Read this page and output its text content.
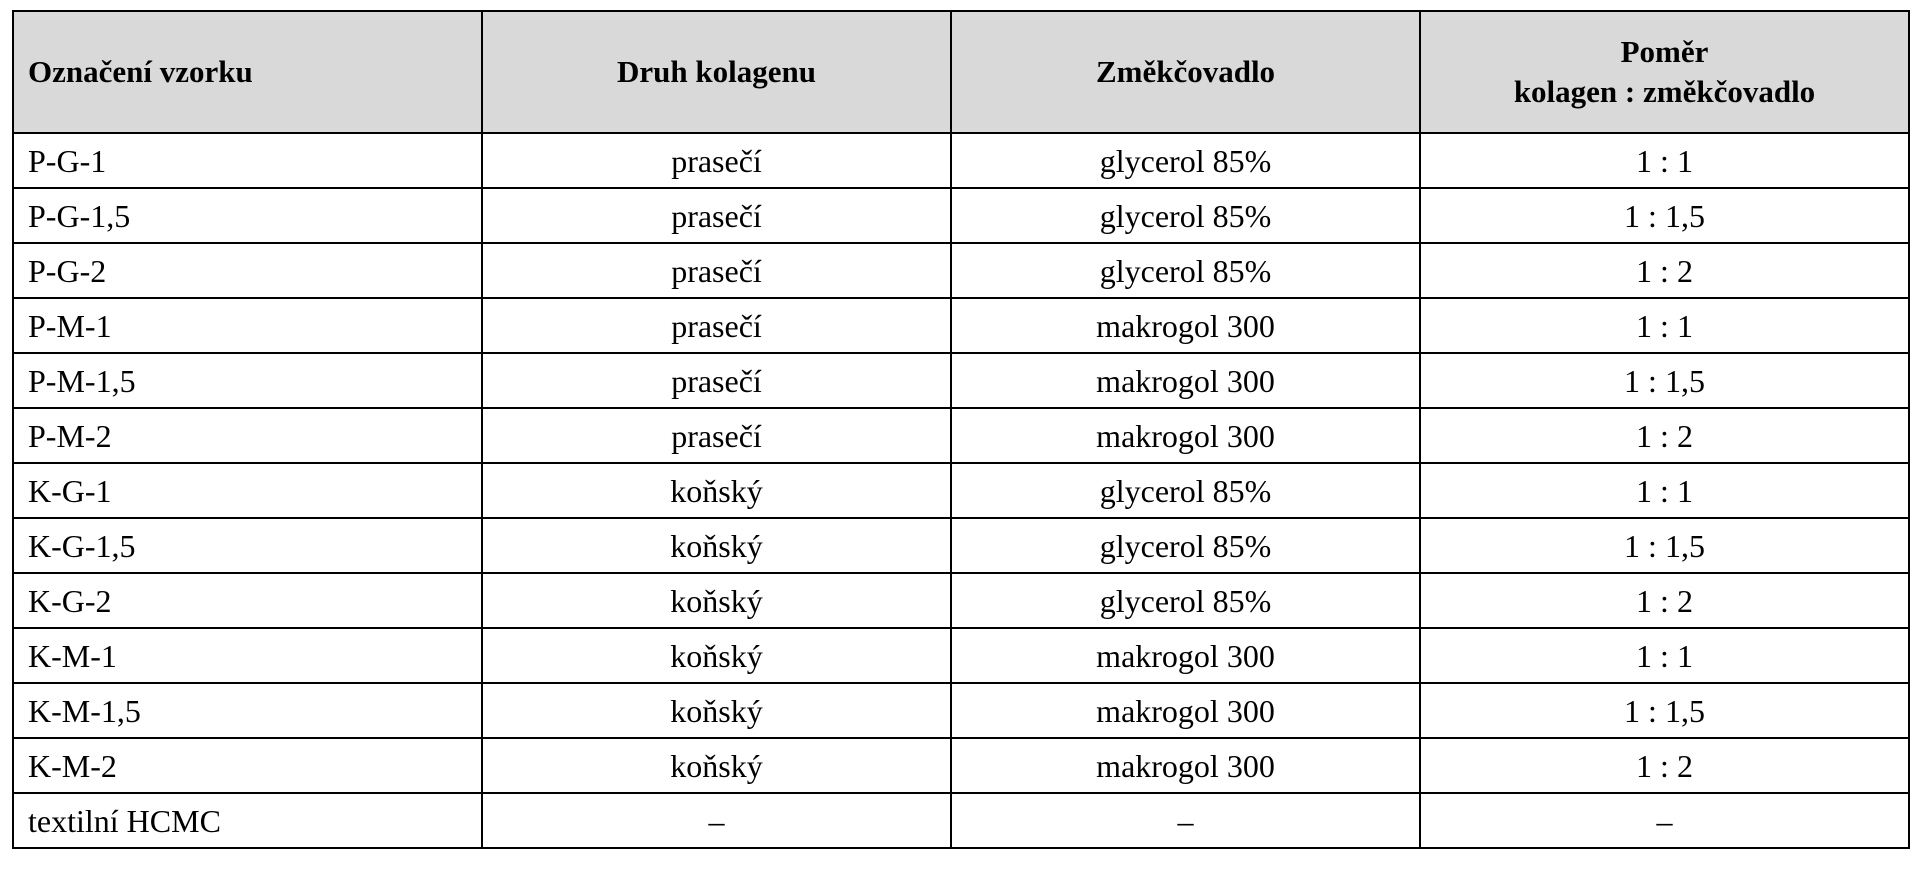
Označení vzorku	Druh kolagenu	Změkčovadlo	Poměr
kolagen : změkčovadlo

P-G-1	prasečí	glycerol 85%	1 : 1
P-G-1,5	prasečí	glycerol 85%	1 : 1,5
P-G-2	prasečí	glycerol 85%	1 : 2
P-M-1	prasečí	makrogol 300	1 : 1
P-M-1,5	prasečí	makrogol 300	1 : 1,5
P-M-2	prasečí	makrogol 300	1 : 2
K-G-1	koňský	glycerol 85%	1 : 1
K-G-1,5	koňský	glycerol 85%	1 : 1,5
K-G-2	koňský	glycerol 85%	1 : 2
K-M-1	koňský	makrogol 300	1 : 1
K-M-1,5	koňský	makrogol 300	1 : 1,5
K-M-2	koňský	makrogol 300	1 : 2
textilní HCMC	–	–	–
